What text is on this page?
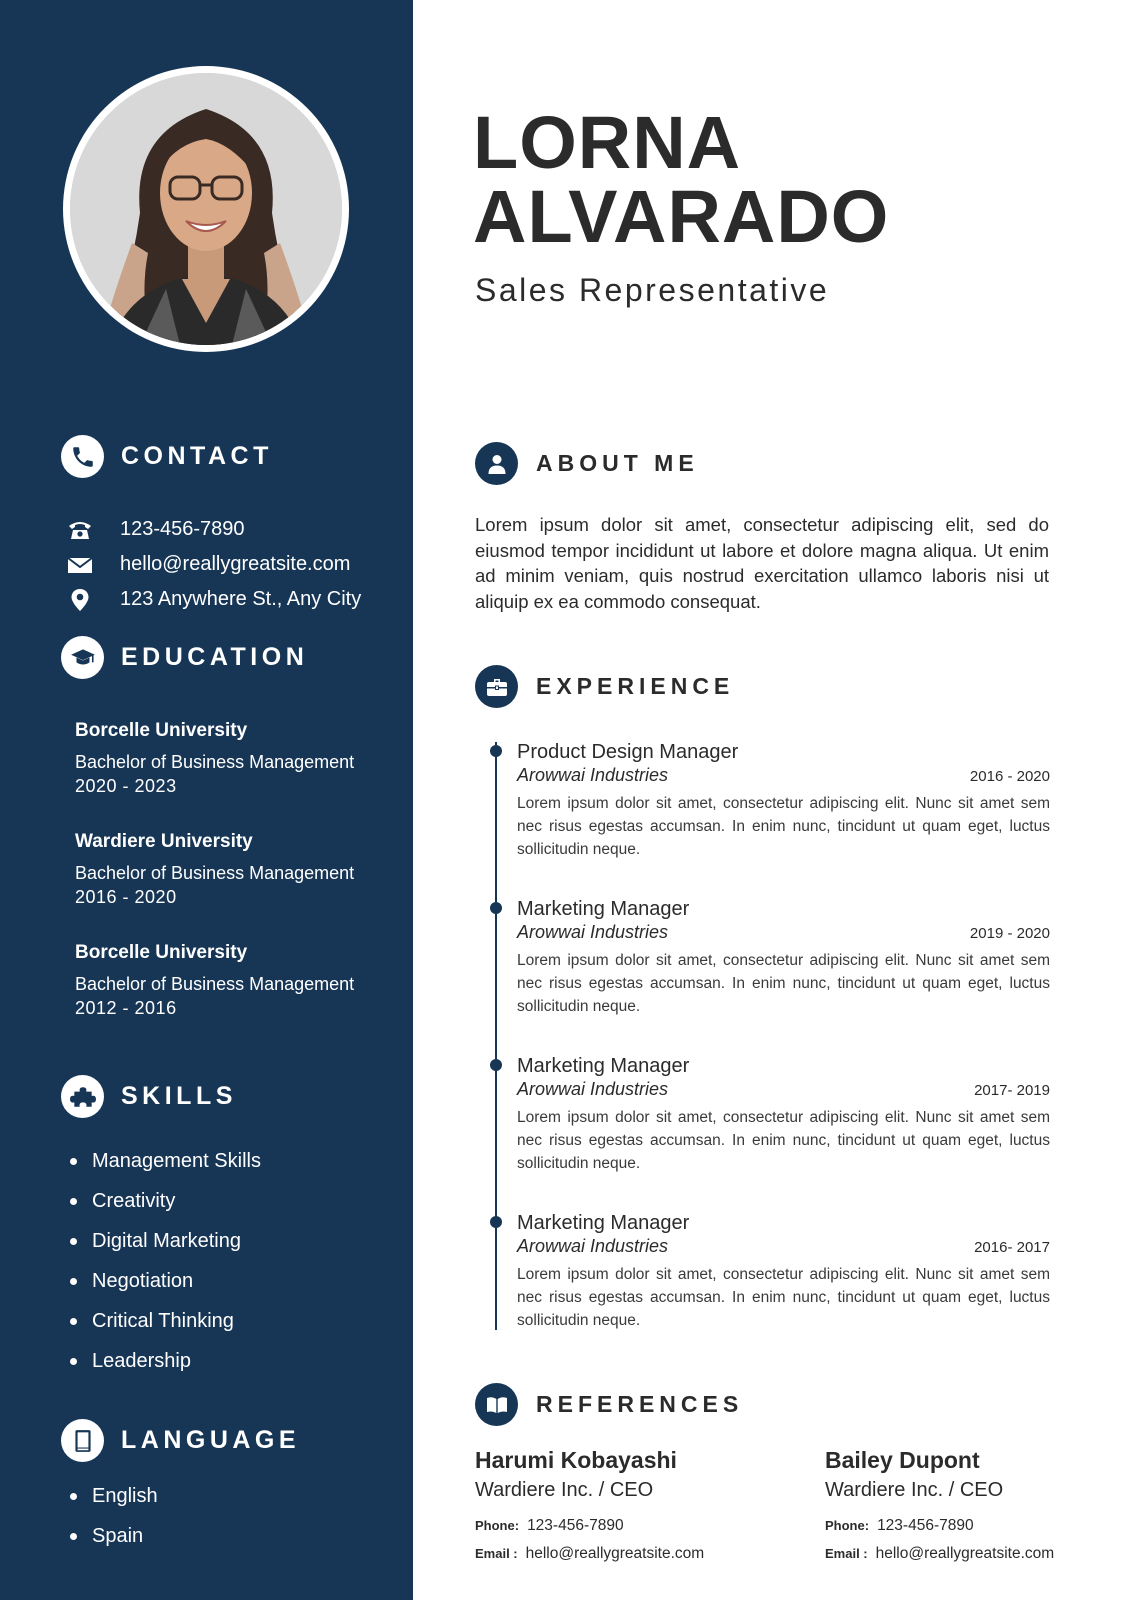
CONTACT
123-456-7890
hello@reallygreatsite.com
123 Anywhere St., Any City
EDUCATION
Borcelle University
Bachelor of Business Management
2020 - 2023
Wardiere University
Bachelor of Business Management
2016 - 2020
Borcelle University
Bachelor of Business Management
2012 - 2016
SKILLS
Management Skills
Creativity
Digital Marketing
Negotiation
Critical Thinking
Leadership
LANGUAGE
English
Spain
LORNA
ALVARADO
Sales Representative
ABOUT ME
Lorem ipsum dolor sit amet, consectetur adipiscing elit, sed do eiusmod tempor incididunt ut labore et dolore magna aliqua. Ut enim ad minim veniam, quis nostrud exercitation ullamco laboris nisi ut aliquip ex ea commodo consequat.
EXPERIENCE
Product Design Manager
Arowwai Industries	2016 - 2020
Lorem ipsum dolor sit amet, consectetur adipiscing elit. Nunc sit amet sem nec risus egestas accumsan. In enim nunc, tincidunt ut quam eget, luctus sollicitudin neque.
Marketing Manager
Arowwai Industries	2019 - 2020
Lorem ipsum dolor sit amet, consectetur adipiscing elit. Nunc sit amet sem nec risus egestas accumsan. In enim nunc, tincidunt ut quam eget, luctus sollicitudin neque.
Marketing Manager
Arowwai Industries	2017- 2019
Lorem ipsum dolor sit amet, consectetur adipiscing elit. Nunc sit amet sem nec risus egestas accumsan. In enim nunc, tincidunt ut quam eget, luctus sollicitudin neque.
Marketing Manager
Arowwai Industries	2016- 2017
Lorem ipsum dolor sit amet, consectetur adipiscing elit. Nunc sit amet sem nec risus egestas accumsan. In enim nunc, tincidunt ut quam eget, luctus sollicitudin neque.
REFERENCES
Harumi Kobayashi
Wardiere Inc. / CEO
Phone: 123-456-7890
Email : hello@reallygreatsite.com
Bailey Dupont
Wardiere Inc. / CEO
Phone: 123-456-7890
Email : hello@reallygreatsite.com
